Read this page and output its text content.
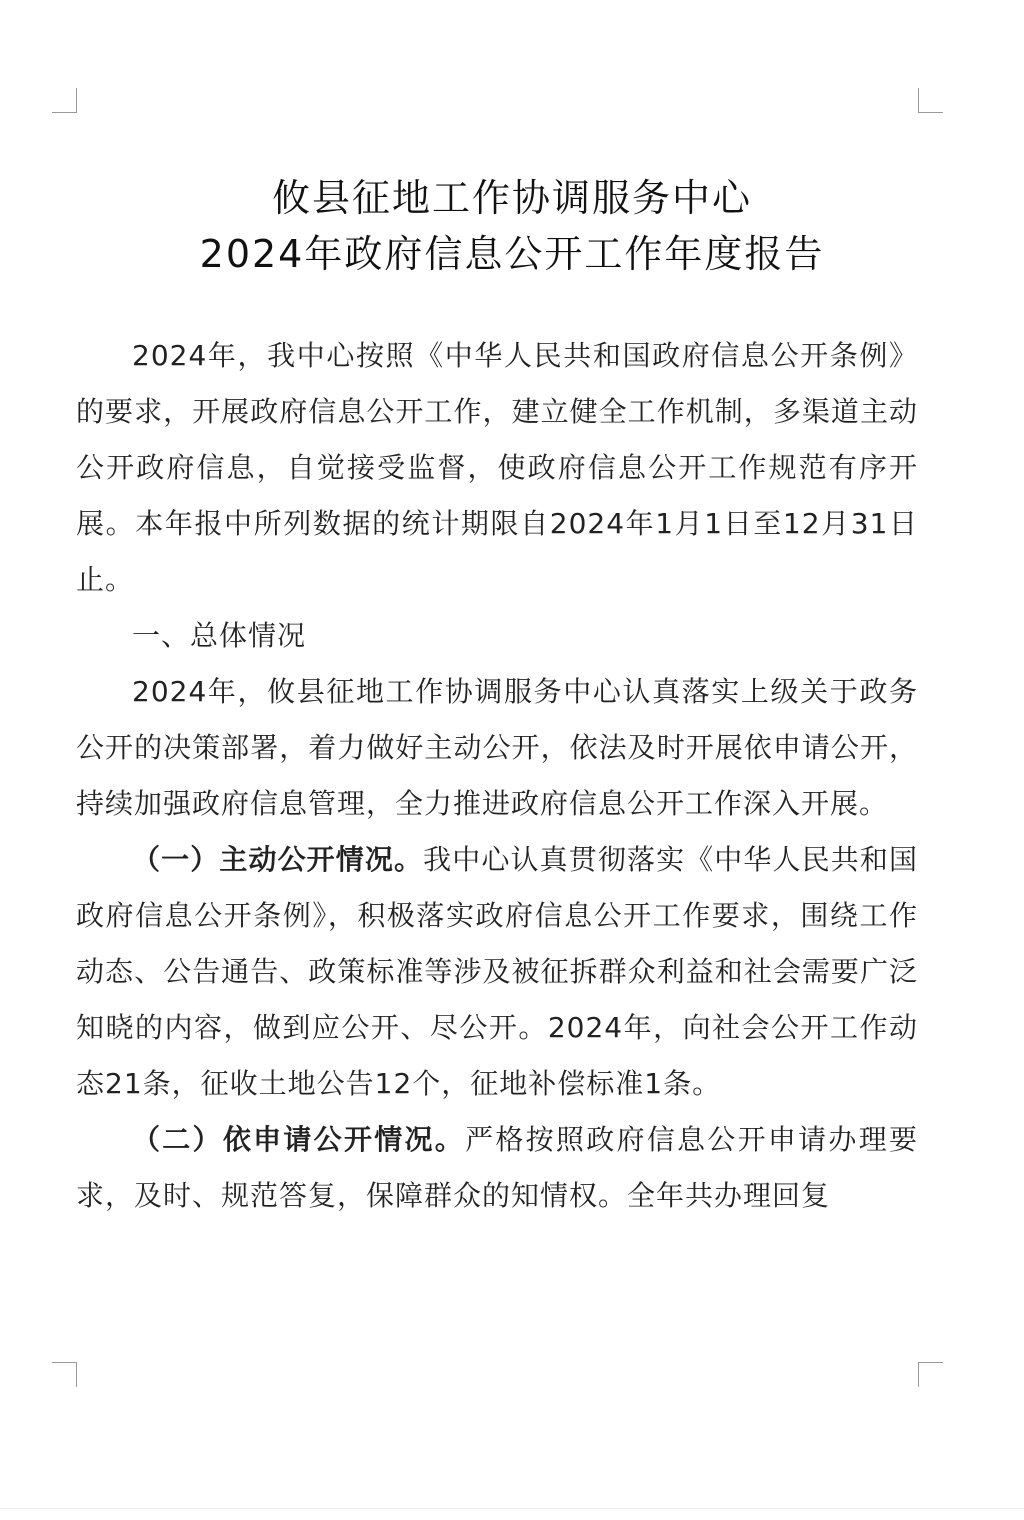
攸县征地工作协调服务中心
2024年政府信息公开工作年度报告

2024年，我中心按照《中华人民共和国政府信息公开条例》的要求，开展政府信息公开工作，建立健全工作机制，多渠道主动公开政府信息，自觉接受监督，使政府信息公开工作规范有序开展。本年报中所列数据的统计期限自2024年1月1日至12月31日止。

一、总体情况

2024年，攸县征地工作协调服务中心认真落实上级关于政务公开的决策部署，着力做好主动公开，依法及时开展依申请公开，持续加强政府信息管理，全力推进政府信息公开工作深入开展。

（一）主动公开情况。我中心认真贯彻落实《中华人民共和国政府信息公开条例》，积极落实政府信息公开工作要求，围绕工作动态、公告通告、政策标准等涉及被征拆群众利益和社会需要广泛知晓的内容，做到应公开、尽公开。2024年，向社会公开工作动态21条，征收土地公告12个，征地补偿标准1条。

（二）依申请公开情况。严格按照政府信息公开申请办理要求，及时、规范答复，保障群众的知情权。全年共办理回复
